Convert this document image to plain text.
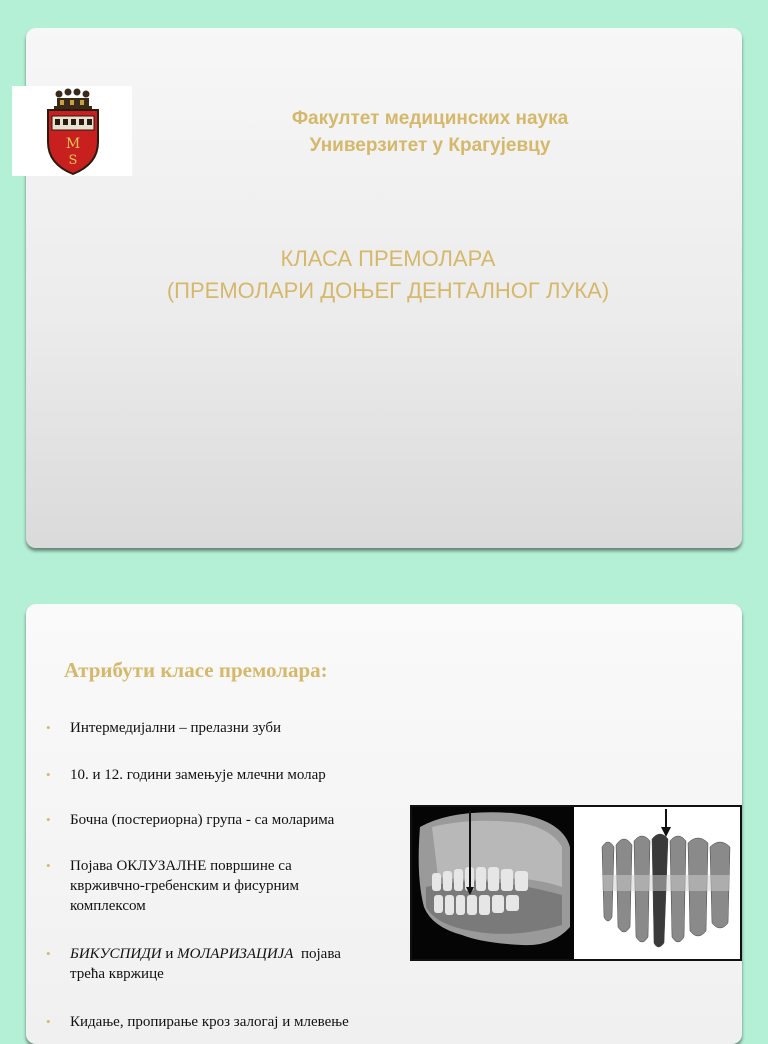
M
Ѕ
Факултет медицинских наука
Универзитет у Крагујевцу
КЛАСА ПРЕМОЛАРА
(ПРЕМОЛАРИ ДОЊЕГ ДЕНТАЛНОГ ЛУКА)
Атрибути класе премолара:
• Интермедијални – прелазни зуби
• 10. и 12. години замењује млечни молар
• Бочна (постериорна) група - са моларима
• Појава ОКЛУЗАЛНЕ површине са
кврживчно-гребенским и фисурним
комплексом
• БИКУСПИДИ и МОЛАРИЗАЦИЈА  појава
трећа квржице
• Кидање, пропирање кроз залогај и млевење
